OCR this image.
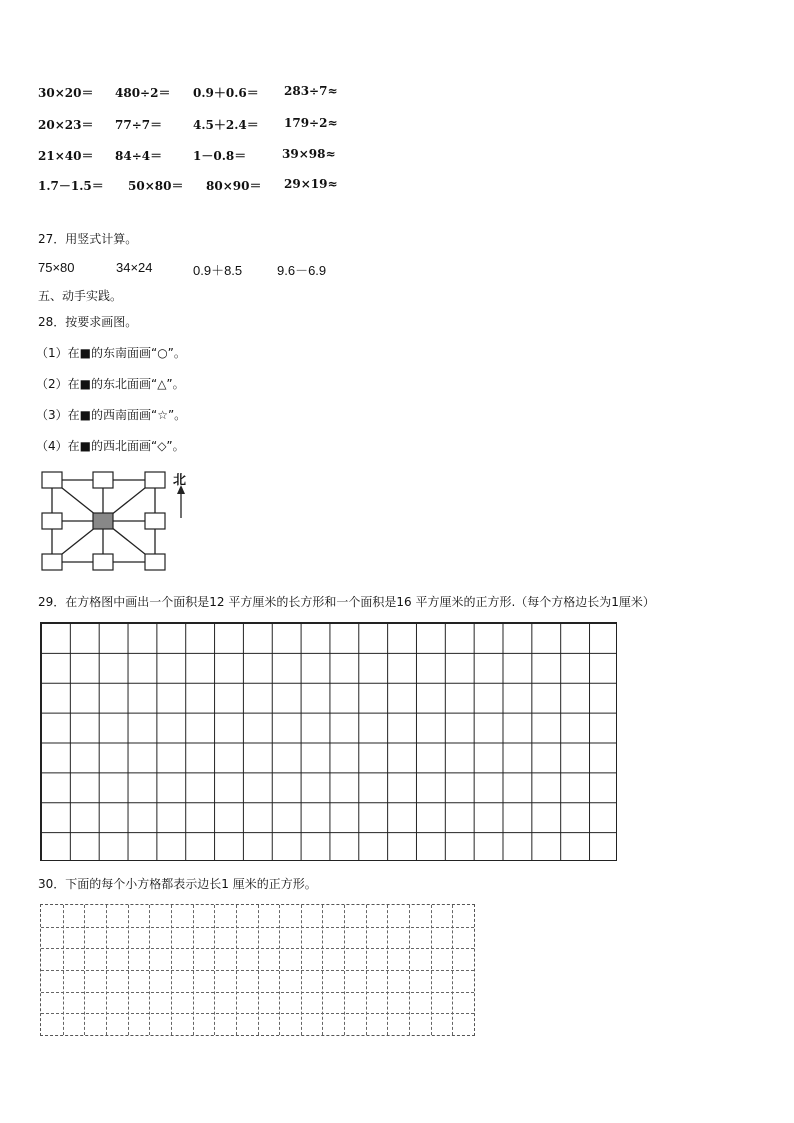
30×20＝ 480÷2＝ 0.9＋0.6＝ 283÷7≈
20×23＝ 77÷7＝	4.5＋2.4＝ 179÷2≈
21×40＝ 84÷4＝	1－0.8＝	39×98≈
1.7－1.5＝ 50×80＝ 80×90＝ 29×19≈
27．用竖式计算。
75×80	34×24	0.9＋8.5	9.6－6.9
五、动手实践。
28．按要求画图。
（1）在■的东南面画“○”。
（2）在■的东北面画“△”。
（3）在■的西南面画“☆”。
（4）在■的西北面画“◇”。
北
29．在方格图中画出一个面积是12 平方厘米的长方形和一个面积是16 平方厘米的正方形.（每个方格边长为1厘米）
30．下面的每个小方格都表示边长1 厘米的正方形。
